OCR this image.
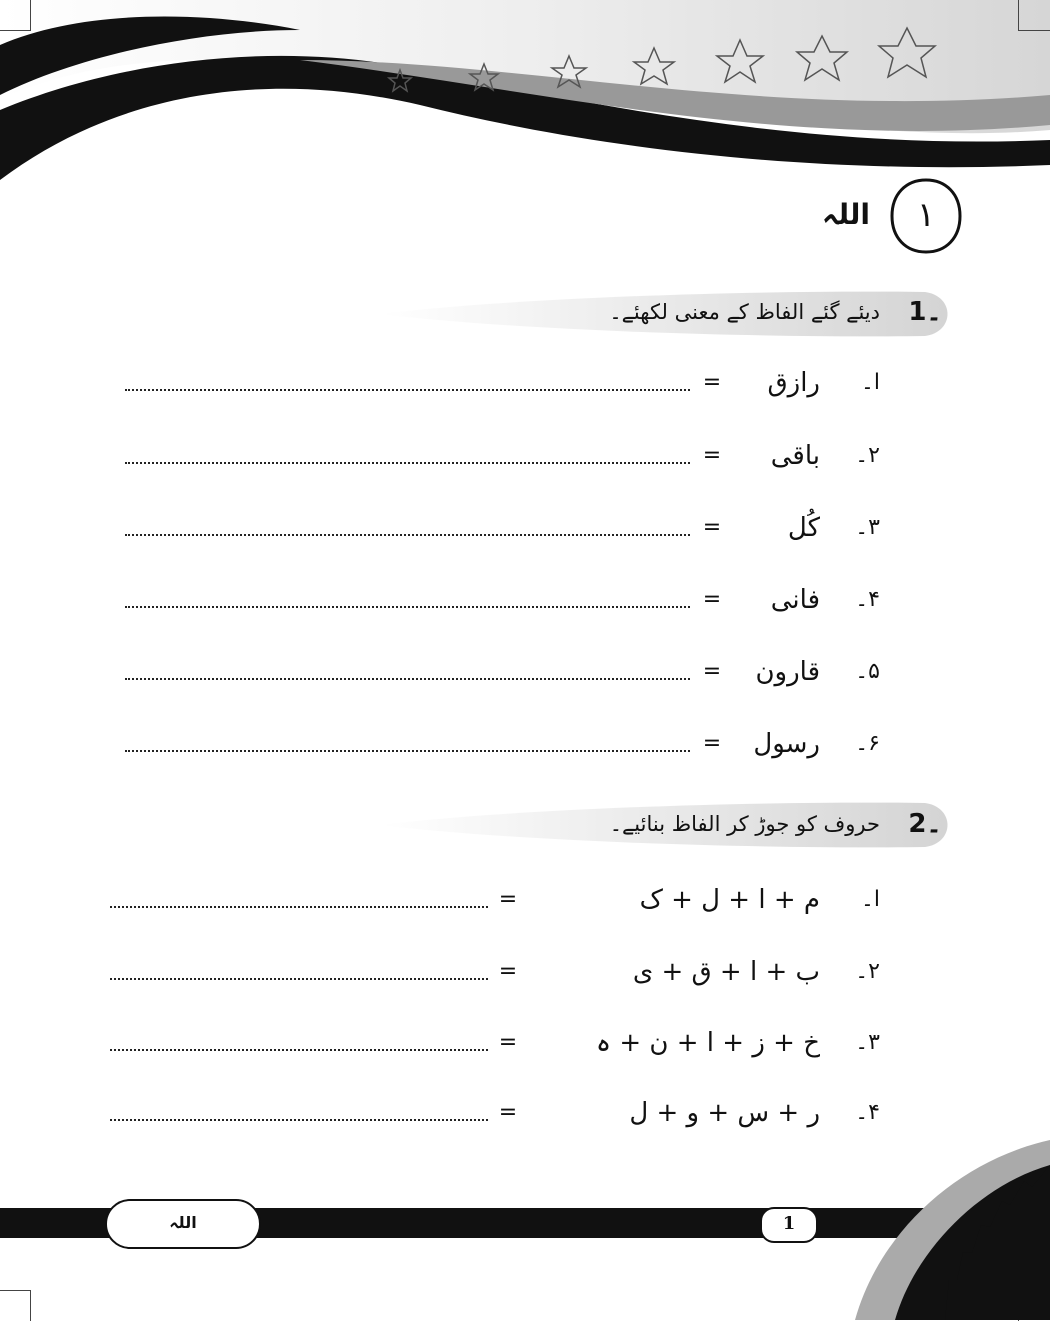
١
اللہ
1۔
دیئے گئے الفاظ کے معنی لکھئے۔
ا۔
رازق
=
۲۔
باقی
=
۳۔
کُل
=
۴۔
فانی
=
۵۔
قارون
=
۶۔
رسول
=
2۔
حروف کو جوڑ کر الفاظ بنائیے۔
ا۔
م + ا + ل + ک
=
۲۔
ب + ا + ق + ی
=
۳۔
خ + ز + ا + ن + ہ
=
۴۔
ر + س + و + ل
=
اللہ	1
